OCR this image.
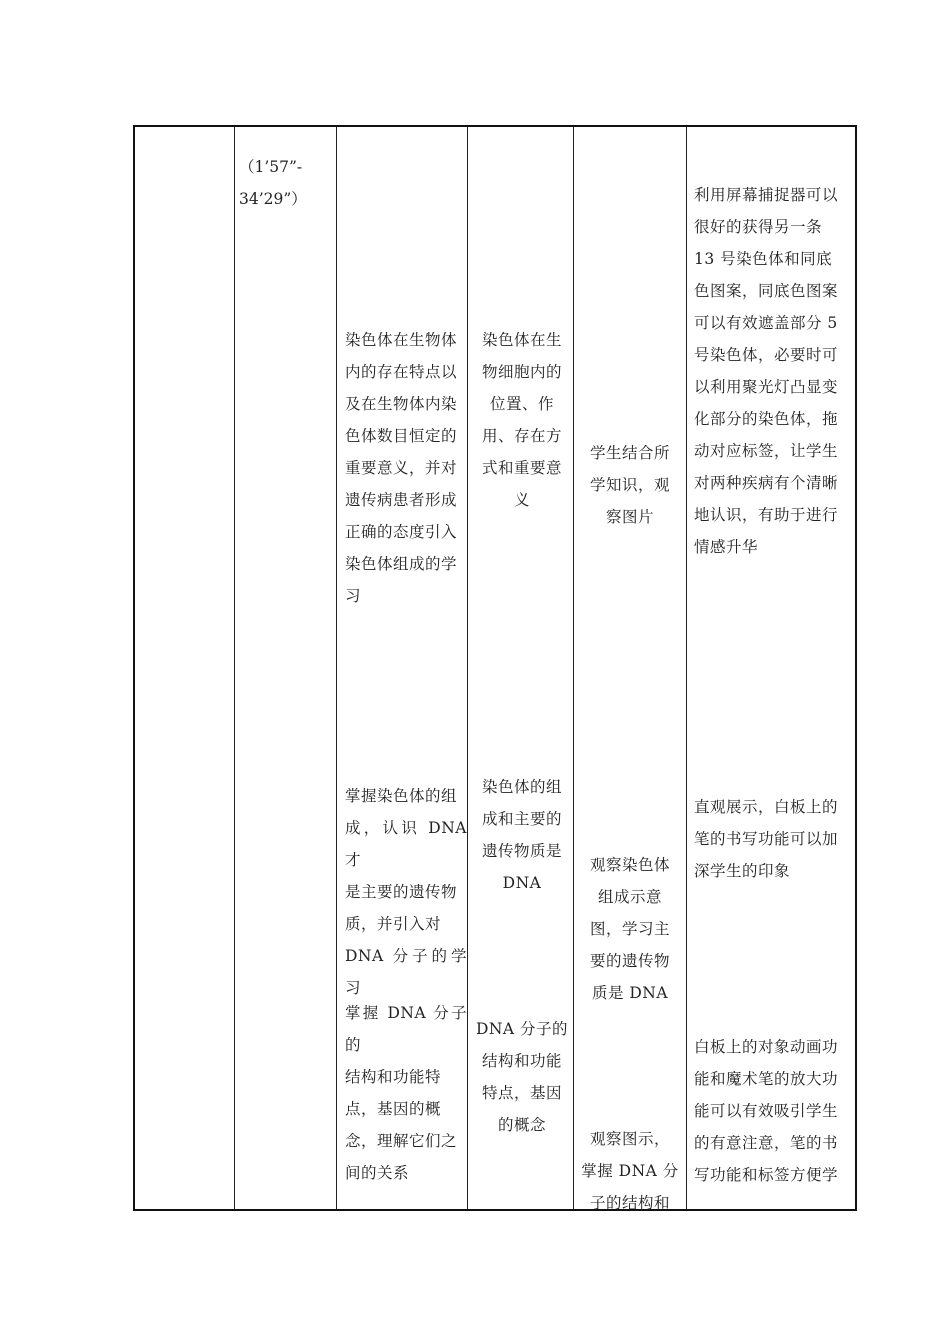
（1’57”-
34’29”）
染色体在生物体
内的存在特点以
及在生物体内染
色体数目恒定的
重要意义，并对
遗传病患者形成
正确的态度引入
染色体组成的学
习
染色体在生
物细胞内的
位置、作
用、存在方
式和重要意
义
学生结合所
学知识，观
察图片
利用屏幕捕捉器可以
很好的获得另一条
13 号染色体和同底
色图案，同底色图案
可以有效遮盖部分 5
号染色体，必要时可
以利用聚光灯凸显变
化部分的染色体，拖
动对应标签，让学生
对两种疾病有个清晰
地认识，有助于进行
情感升华
掌握染色体的组
成，认识 DNA 才
是主要的遗传物
质，并引入对
DNA 分子的学习
染色体的组
成和主要的
遗传物质是
DNA
观察染色体
组成示意
图，学习主
要的遗传物
质是 DNA
直观展示，白板上的
笔的书写功能可以加
深学生的印象
掌握 DNA 分子的
结构和功能特
点，基因的概
念，理解它们之
间的关系
DNA 分子的
结构和功能
特点，基因
的概念
观察图示，
掌握 DNA 分
子的结构和
白板上的对象动画功
能和魔术笔的放大功
能可以有效吸引学生
的有意注意，笔的书
写功能和标签方便学
